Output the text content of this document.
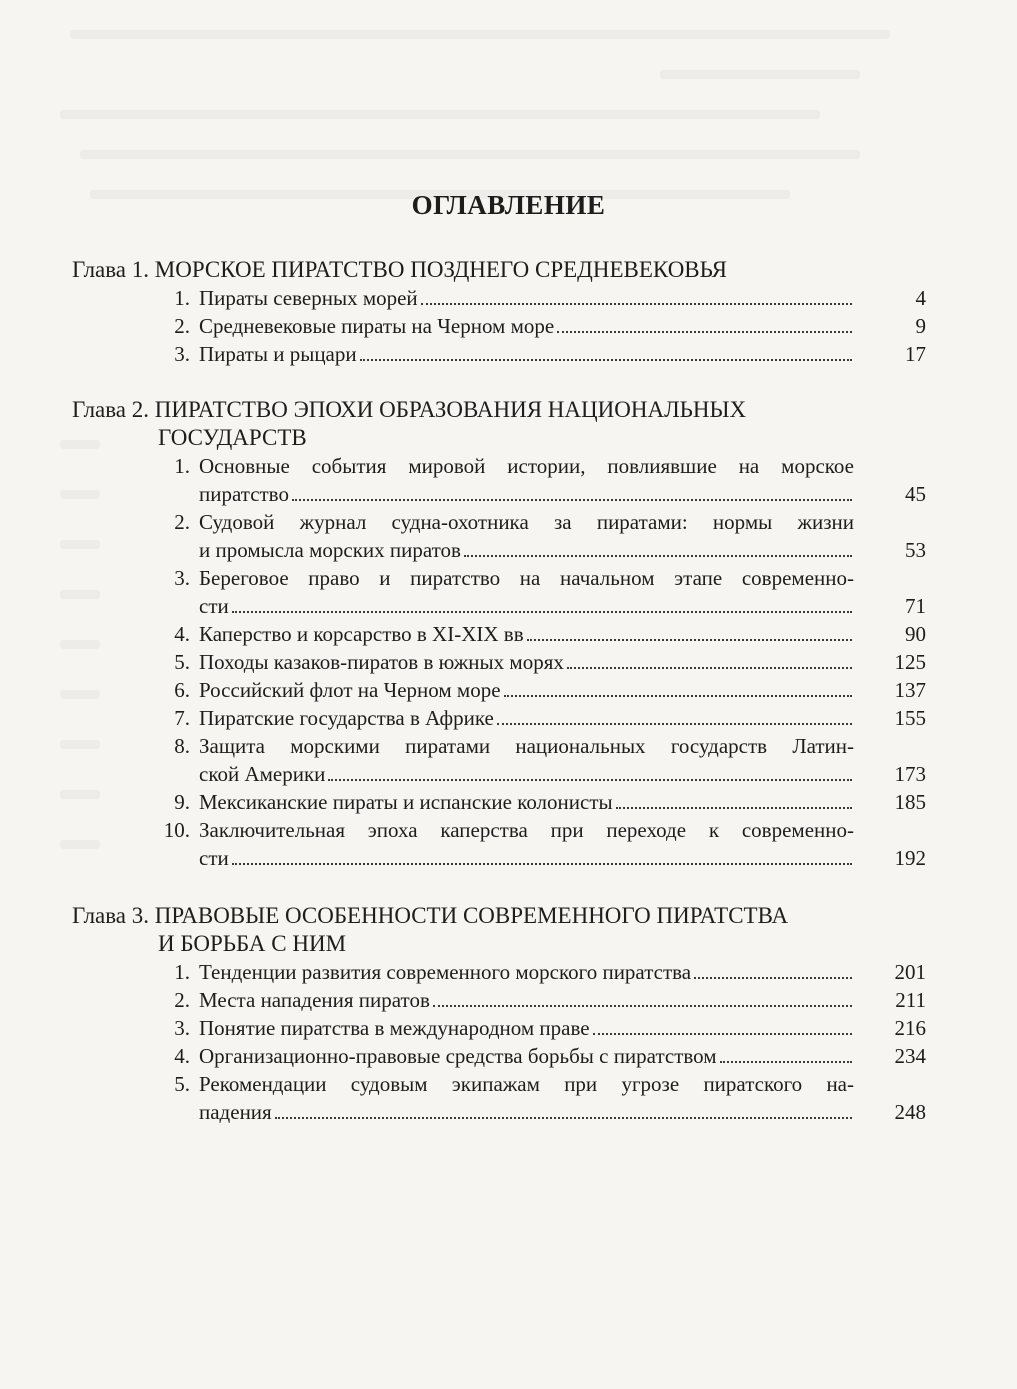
ОГЛАВЛЕНИЕ
Глава 1. МОРСКОЕ ПИРАТСТВО ПОЗДНЕГО СРЕДНЕВЕКОВЬЯ
1. Пираты северных морей	4
2. Средневековые пираты на Черном море	9
3. Пираты и рыцари	17
Глава 2. ПИРАТСТВО ЭПОХИ ОБРАЗОВАНИЯ НАЦИОНАЛЬНЫХ
ГОСУДАРСТВ
1. Основные события мировой истории, повлиявшие на морское
пиратство	45
2. Судовой журнал судна-охотника за пиратами: нормы жизни
и промысла морских пиратов	53
3. Береговое право и пиратство на начальном этапе современно-
сти	71
4. Каперство и корсарство в XI-XIX вв	90
5. Походы казаков-пиратов в южных морях	125
6. Российский флот на Черном море	137
7. Пиратские государства в Африке	155
8. Защита морскими пиратами национальных государств Латин-
ской Америки	173
9. Мексиканские пираты и испанские колонисты	185
10. Заключительная эпоха каперства при переходе к современно-
сти	192
Глава 3. ПРАВОВЫЕ ОСОБЕННОСТИ СОВРЕМЕННОГО ПИРАТСТВА
И БОРЬБА С НИМ
1. Тенденции развития современного морского пиратства	201
2. Места нападения пиратов	211
3. Понятие пиратства в международном праве	216
4. Организационно-правовые средства борьбы с пиратством	234
5. Рекомендации судовым экипажам при угрозе пиратского на-
падения	248
